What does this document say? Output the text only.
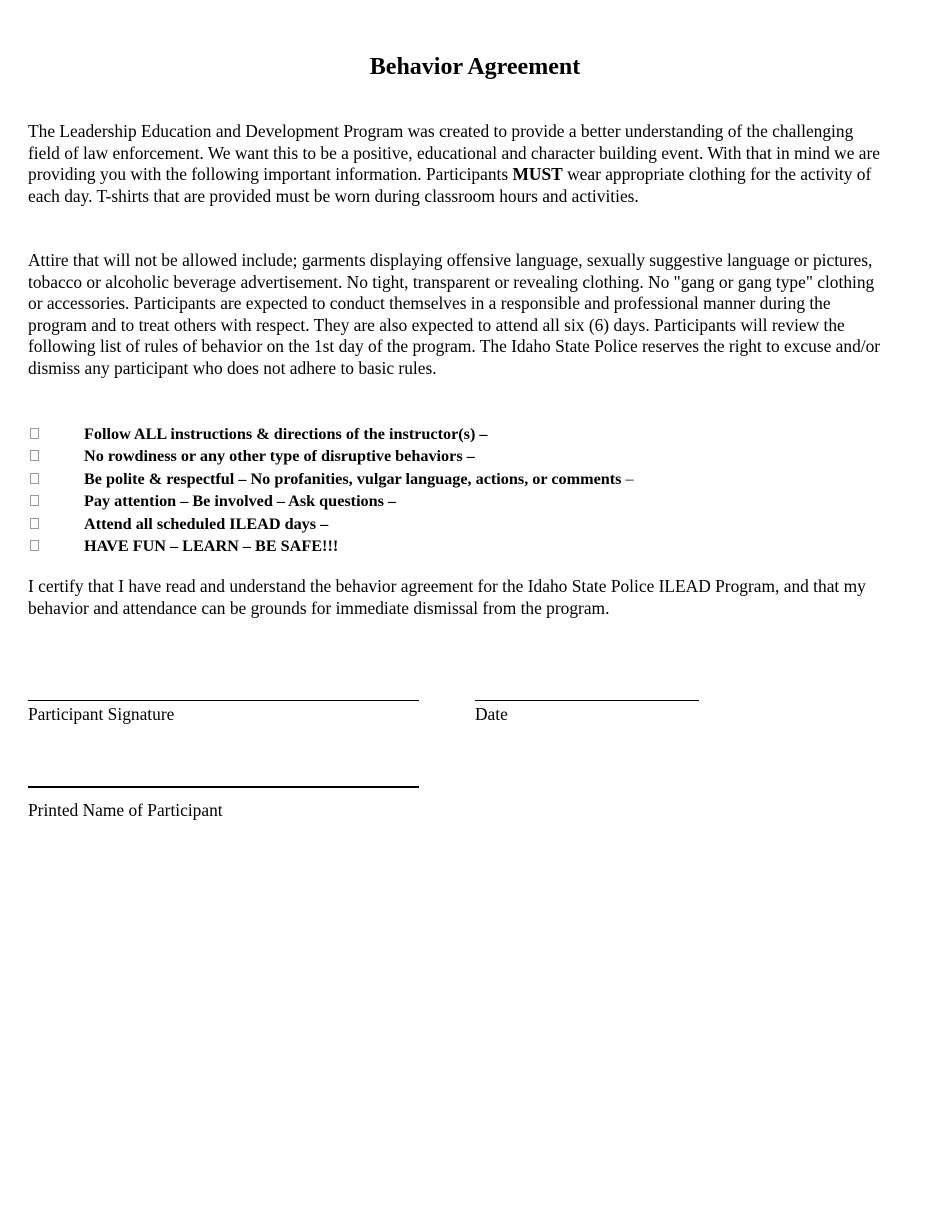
Behavior Agreement

The Leadership Education and Development Program was created to provide a better understanding of the challenging field of law enforcement. We want this to be a positive, educational and character building event. With that in mind we are providing you with the following important information. Participants MUST wear appropriate clothing for the activity of each day. T-shirts that are provided must be worn during classroom hours and activities.

Attire that will not be allowed include; garments displaying offensive language, sexually suggestive language or pictures, tobacco or alcoholic beverage advertisement. No tight, transparent or revealing clothing. No "gang or gang type" clothing or accessories. Participants are expected to conduct themselves in a responsible and professional manner during the program and to treat others with respect. They are also expected to attend all six (6) days. Participants will review the following list of rules of behavior on the 1st day of the program. The Idaho State Police reserves the right to excuse and/or dismiss any participant who does not adhere to basic rules.

Follow ALL instructions & directions of the instructor(s) –
No rowdiness or any other type of disruptive behaviors –
Be polite & respectful – No profanities, vulgar language, actions, or comments –
Pay attention – Be involved – Ask questions –
Attend all scheduled ILEAD days –
HAVE FUN – LEARN – BE SAFE!!!

I certify that I have read and understand the behavior agreement for the Idaho State Police ILEAD Program, and that my behavior and attendance can be grounds for immediate dismissal from the program.

Participant Signature	Date
Printed Name of Participant
